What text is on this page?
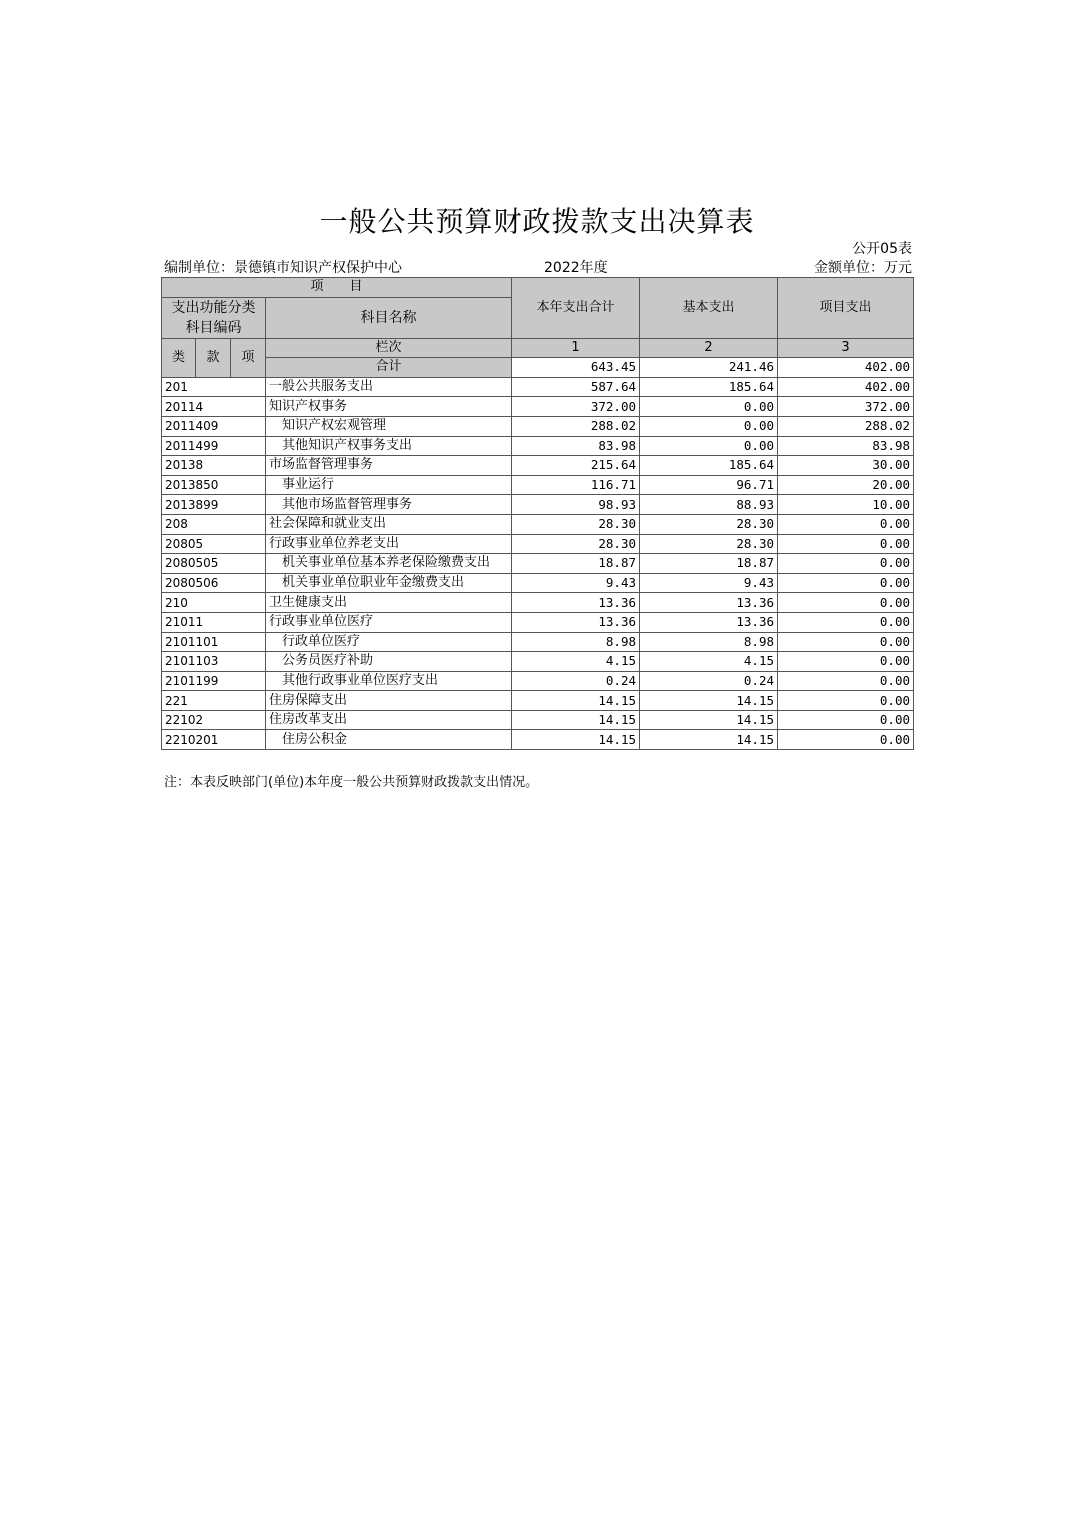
一般公共预算财政拨款支出决算表
公开05表
编制单位：景德镇市知识产权保护中心	2022年度	金额单位：万元
项　　目				本年支出合计	基本支出	项目支出
支出功能分类科目编码			科目名称			

类	款	项	栏次	1	2	3
			合计	643.45	241.46	402.00
201			一般公共服务支出	587.64	185.64	402.00
20114			知识产权事务	372.00	0.00	372.00
2011409			知识产权宏观管理	288.02	0.00	288.02
2011499			其他知识产权事务支出	83.98	0.00	83.98
20138			市场监督管理事务	215.64	185.64	30.00
2013850			事业运行	116.71	96.71	20.00
2013899			其他市场监督管理事务	98.93	88.93	10.00
208			社会保障和就业支出	28.30	28.30	0.00
20805			行政事业单位养老支出	28.30	28.30	0.00
2080505			机关事业单位基本养老保险缴费支出	18.87	18.87	0.00
2080506			机关事业单位职业年金缴费支出	9.43	9.43	0.00
210			卫生健康支出	13.36	13.36	0.00
21011			行政事业单位医疗	13.36	13.36	0.00
2101101			行政单位医疗	8.98	8.98	0.00
2101103			公务员医疗补助	4.15	4.15	0.00
2101199			其他行政事业单位医疗支出	0.24	0.24	0.00
221			住房保障支出	14.15	14.15	0.00
22102			住房改革支出	14.15	14.15	0.00
2210201			住房公积金	14.15	14.15	0.00
注：本表反映部门(单位)本年度一般公共预算财政拨款支出情况。
